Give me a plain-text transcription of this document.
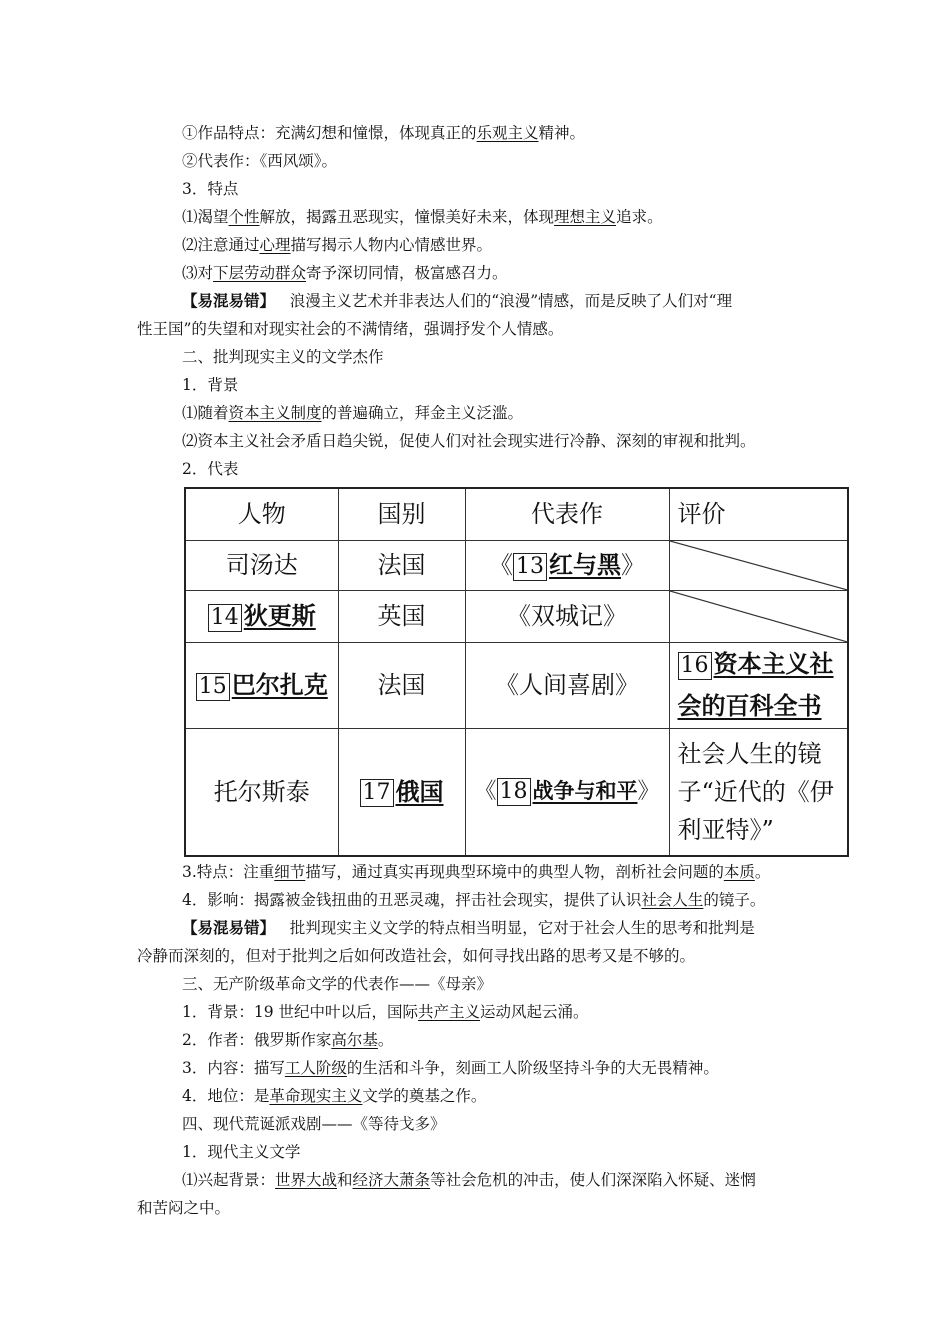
①作品特点：充满幻想和憧憬，体现真正的乐观主义精神。
②代表作：《西风颂》。
3．特点
⑴渴望个性解放，揭露丑恶现实，憧憬美好未来，体现理想主义追求。
⑵注意通过心理描写揭示人物内心情感世界。
⑶对下层劳动群众寄予深切同情，极富感召力。
【易混易错】 浪漫主义艺术并非表达人们的“浪漫”情感，而是反映了人们对“理
性王国”的失望和对现实社会的不满情绪，强调抒发个人情感。
二、批判现实主义的文学杰作
1．背景
⑴随着资本主义制度的普遍确立，拜金主义泛滥。
⑵资本主义社会矛盾日趋尖锐，促使人们对社会现实进行冷静、深刻的审视和批判。
2．代表
人物	国别	代表作	评价
司汤达	法国	《 13 红与黑》	

14 狄更斯	英国	《双城记》	

15 巴尔扎克	法国	《人间喜剧》	16 资本主义社
会的百科全书
托尔斯泰	17 俄国	《 18 战争与和平》	社会人生的镜
子“近代的《伊
利亚特》”
3.特点：注重细节描写，通过真实再现典型环境中的典型人物，剖析社会问题的本质。
4．影响：揭露被金钱扭曲的丑恶灵魂，抨击社会现实，提供了认识社会人生的镜子。
【易混易错】 批判现实主义文学的特点相当明显，它对于社会人生的思考和批判是
冷静而深刻的，但对于批判之后如何改造社会，如何寻找出路的思考又是不够的。
三、无产阶级革命文学的代表作——《母亲》
1．背景：19 世纪中叶以后，国际共产主义运动风起云涌。
2．作者：俄罗斯作家高尔基。
3．内容：描写工人阶级的生活和斗争，刻画工人阶级坚持斗争的大无畏精神。
4．地位：是革命现实主义文学的奠基之作。
四、现代荒诞派戏剧——《等待戈多》
1．现代主义文学
⑴兴起背景：世界大战和经济大萧条等社会危机的冲击，使人们深深陷入怀疑、迷惘
和苦闷之中。
